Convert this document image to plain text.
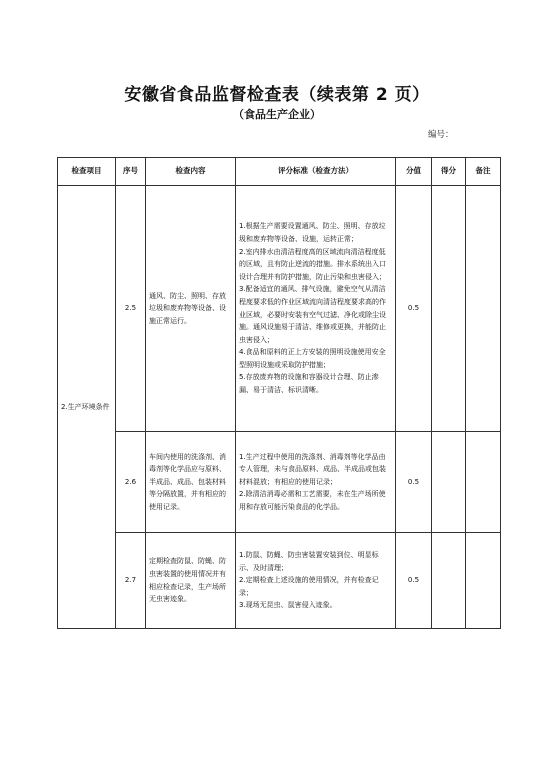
安徽省食品监督检查表（续表第 2 页）
（食品生产企业）
编号：
检查项目	序号	检查内容	评分标准（检查方法）	分值	得分	备注
2.生产环境条件	2.5	通风、防尘、照明、存放垃圾和废弃物等设备、设施正常运行。	1.根据生产需要设置通风、防尘、照明、存放垃圾和废弃物等设备、设施，运转正常；
2.室内排水由清洁程度高的区域流向清洁程度低的区域，且有防止逆流的措施。排水系统出入口设计合理并有防护措施，防止污染和虫害侵入；
3.配备适宜的通风、排气设施，避免空气从清洁程度要求低的作业区域流向清洁程度要求高的作业区域，必要时安装有空气过滤、净化或除尘设施。通风设施易于清洁、维修或更换，并能防止虫害侵入；
4.食品和原料的正上方安装的照明设施使用安全型照明设施或采取防护措施；
5.存放废弃物的设施和容器设计合理、防止渗漏、易于清洁、标识清晰。	0.5		
	2.6	车间内使用的洗涤剂、消毒剂等化学品应与原料、半成品、成品、包装材料等分隔放置，并有相应的使用记录。	1.生产过程中使用的洗涤剂、消毒剂等化学品由专人管理，未与食品原料、成品、半成品或包装材料混放；有相应的使用记录；
2.除清洁消毒必需和工艺需要，未在生产场所使用和存放可能污染食品的化学品。	0.5		
	2.7	定期检查防鼠、防蝇、防虫害装置的使用情况并有相应检查记录，生产场所无虫害迹象。	1.防鼠、防蝇、防虫害装置安装到位、明显标示、及时清理；
2.定期检查上述设施的使用情况，并有检查记录；
3.现场无昆虫、鼠害侵入迹象。	0.5		
